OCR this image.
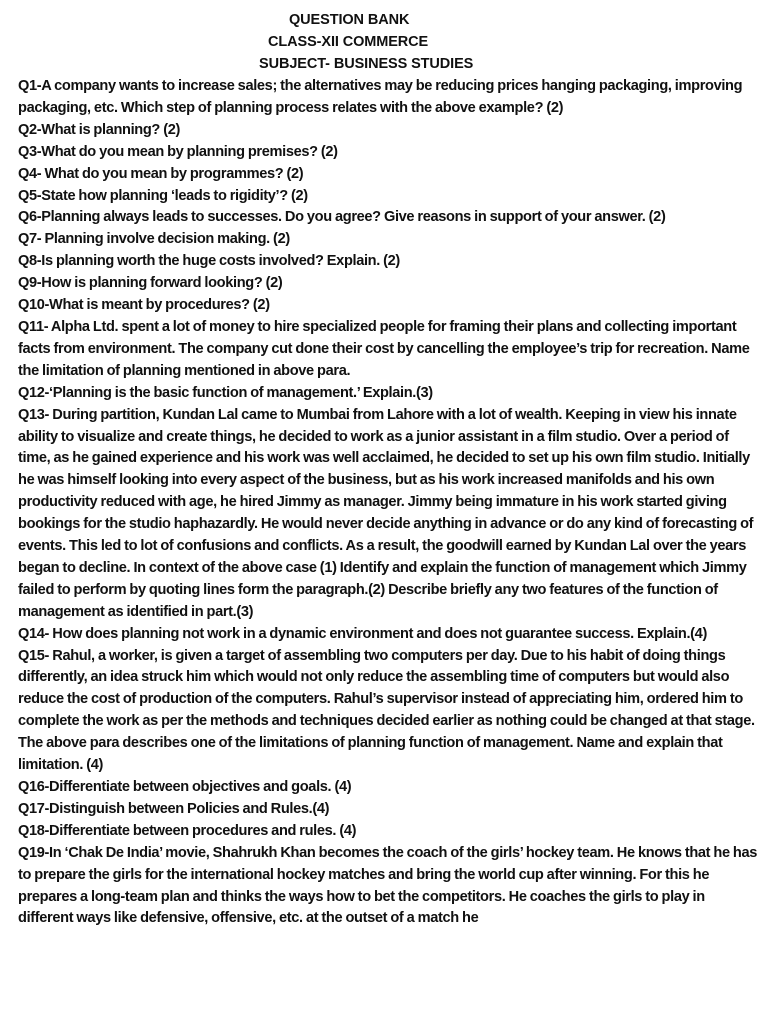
QUESTION BANK
CLASS-XII COMMERCE
SUBJECT- BUSINESS STUDIES

Q1-A company wants to increase sales; the alternatives may be reducing prices hanging packaging, improving packaging, etc. Which step of planning process relates with the above example? (2)

Q2-What is planning? (2)

Q3-What do you mean by planning premises? (2)

Q4- What do you mean by programmes? (2)

Q5-State how planning ‘leads to rigidity’? (2)

Q6-Planning always leads to successes. Do you agree? Give reasons in support of your answer. (2)

Q7- Planning involve decision making. (2)

Q8-Is planning worth the huge costs involved? Explain. (2)

Q9-How is planning forward looking? (2)

Q10-What is meant by procedures? (2)

Q11- Alpha Ltd. spent a lot of money to hire specialized people for framing their plans and collecting important facts from environment. The company cut done their cost by cancelling the employee’s trip for recreation. Name the limitation of planning mentioned in above para.

Q12-‘Planning is the basic function of management.’ Explain.(3)

Q13- During partition, Kundan Lal came to Mumbai from Lahore with a lot of wealth. Keeping in view his innate ability to visualize and create things, he decided to work as a junior assistant in a film studio. Over a period of time, as he gained experience and his work was well acclaimed, he decided to set up his own film studio. Initially he was himself looking into every aspect of the business, but as his work increased manifolds and his own productivity reduced with age, he hired Jimmy as manager. Jimmy being immature in his work started giving bookings for the studio haphazardly. He would never decide anything in advance or do any kind of forecasting of events. This led to lot of confusions and conflicts. As a result, the goodwill earned by Kundan Lal over the years began to decline. In context of the above case (1) Identify and explain the function of management which Jimmy failed to perform by quoting lines form the paragraph.(2) Describe briefly any two features of the function of management as identified in part.(3)

Q14- How does planning not work in a dynamic environment and does not guarantee success. Explain.(4)

Q15- Rahul, a worker, is given a target of assembling two computers per day. Due to his habit of doing things differently, an idea struck him which would not only reduce the assembling time of computers but would also reduce the cost of production of the computers. Rahul’s supervisor instead of appreciating him, ordered him to complete the work as per the methods and techniques decided earlier as nothing could be changed at that stage. The above para describes one of the limitations of planning function of management. Name and explain that limitation. (4)

Q16-Differentiate between objectives and goals. (4)

Q17-Distinguish between Policies and Rules.(4)

Q18-Differentiate between procedures and rules. (4)

Q19-In ‘Chak De India’ movie, Shahrukh Khan becomes the coach of the girls’ hockey team. He knows that he has to prepare the girls for the international hockey matches and bring the world cup after winning. For this he prepares a long-team plan and thinks the ways how to bet the competitors. He coaches the girls to play in different ways like defensive, offensive, etc. at the outset of a match he
